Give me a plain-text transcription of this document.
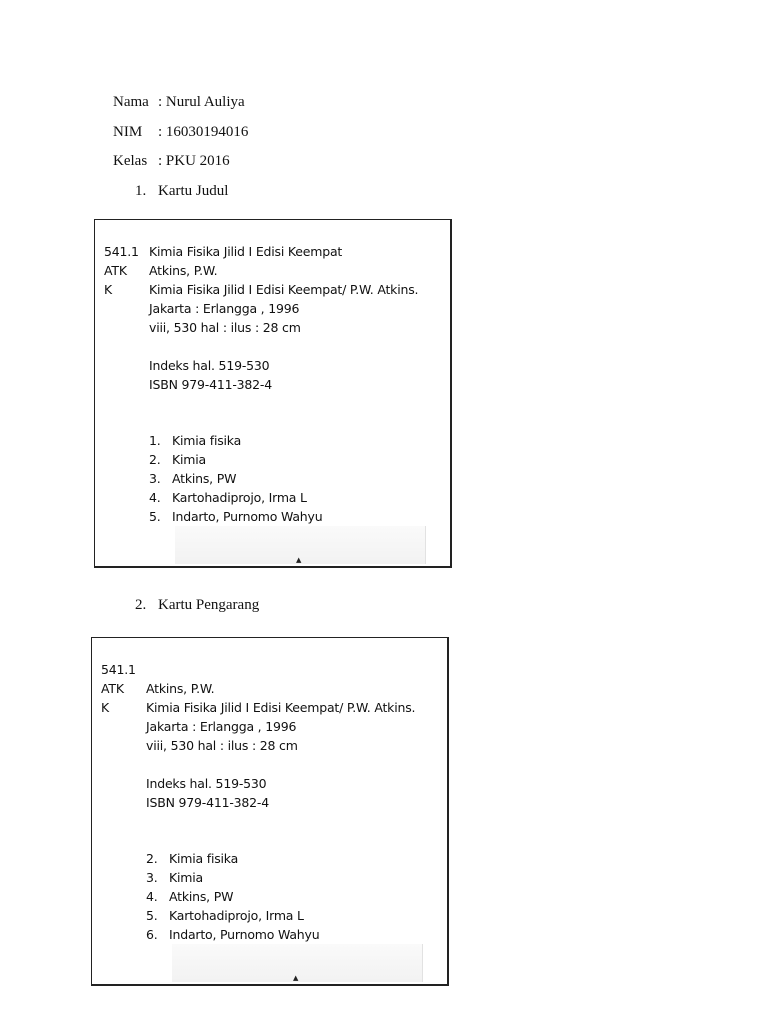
Nama : Nurul Auliya
NIM : 16030194016
Kelas : PKU 2016
1. Kartu Judul
541.1
ATK
K
Kimia Fisika Jilid I Edisi Keempat
Atkins, P.W.
Kimia Fisika Jilid I Edisi Keempat/ P.W. Atkins.
Jakarta : Erlangga , 1996
viii, 530 hal : ilus : 28 cm
Indeks hal. 519-530
ISBN 979-411-382-4
1. Kimia fisika
2. Kimia
3. Atkins, PW
4. Kartohadiprojo, Irma L
5. Indarto, Purnomo Wahyu
▲
2. Kartu Pengarang
541.1
ATK
K
Atkins, P.W.
Kimia Fisika Jilid I Edisi Keempat/ P.W. Atkins.
Jakarta : Erlangga , 1996
viii, 530 hal : ilus : 28 cm
Indeks hal. 519-530
ISBN 979-411-382-4
2. Kimia fisika
3. Kimia
4. Atkins, PW
5. Kartohadiprojo, Irma L
6. Indarto, Purnomo Wahyu
▲
